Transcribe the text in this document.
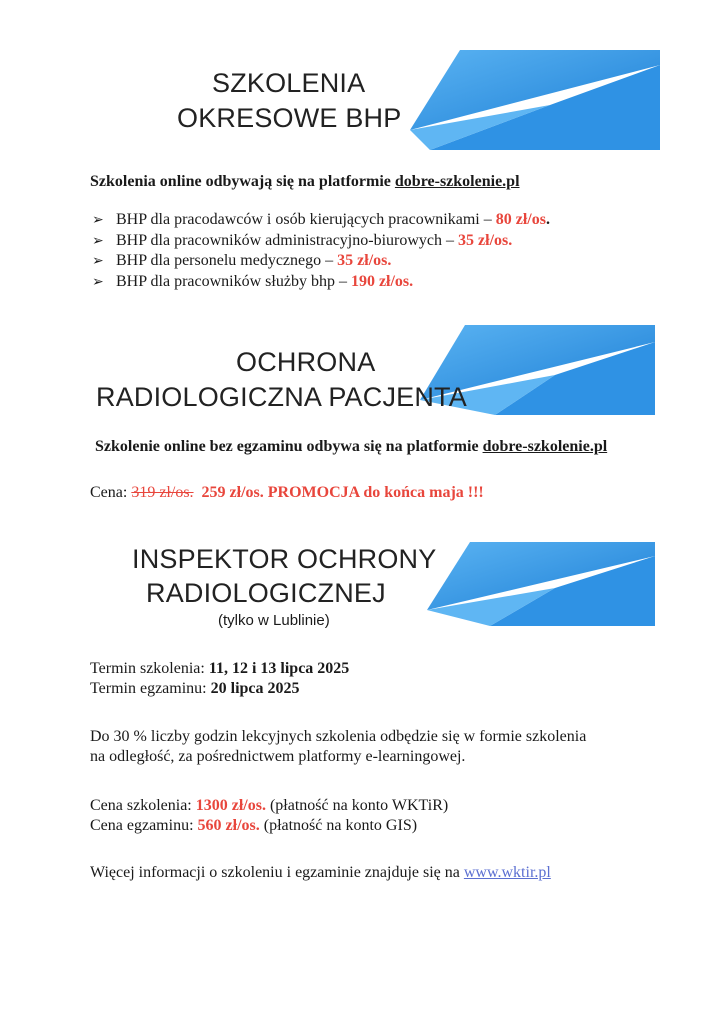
SZKOLENIA
OKRESOWE BHP
Szkolenia online odbywają się na platformie dobre-szkolenie.pl
➢ BHP dla pracodawców i osób kierujących pracownikami – 80 zł/os.
➢ BHP dla pracowników administracyjno-biurowych – 35 zł/os.
➢ BHP dla personelu medycznego – 35 zł/os.
➢ BHP dla pracowników służby bhp – 190 zł/os.
OCHRONA
RADIOLOGICZNA PACJENTA
Szkolenie online bez egzaminu odbywa się na platformie dobre-szkolenie.pl
Cena: 319 zł/os. 259 zł/os. PROMOCJA do końca maja !!!
INSPEKTOR OCHRONY
RADIOLOGICZNEJ
(tylko w Lublinie)
Termin szkolenia: 11, 12 i 13 lipca 2025
Termin egzaminu: 20 lipca 2025
Do 30 % liczby godzin lekcyjnych szkolenia odbędzie się w formie szkolenia
na odległość, za pośrednictwem platformy e-learningowej.
Cena szkolenia: 1300 zł/os. (płatność na konto WKTiR)
Cena egzaminu: 560 zł/os. (płatność na konto GIS)
Więcej informacji o szkoleniu i egzaminie znajduje się na www.wktir.pl
